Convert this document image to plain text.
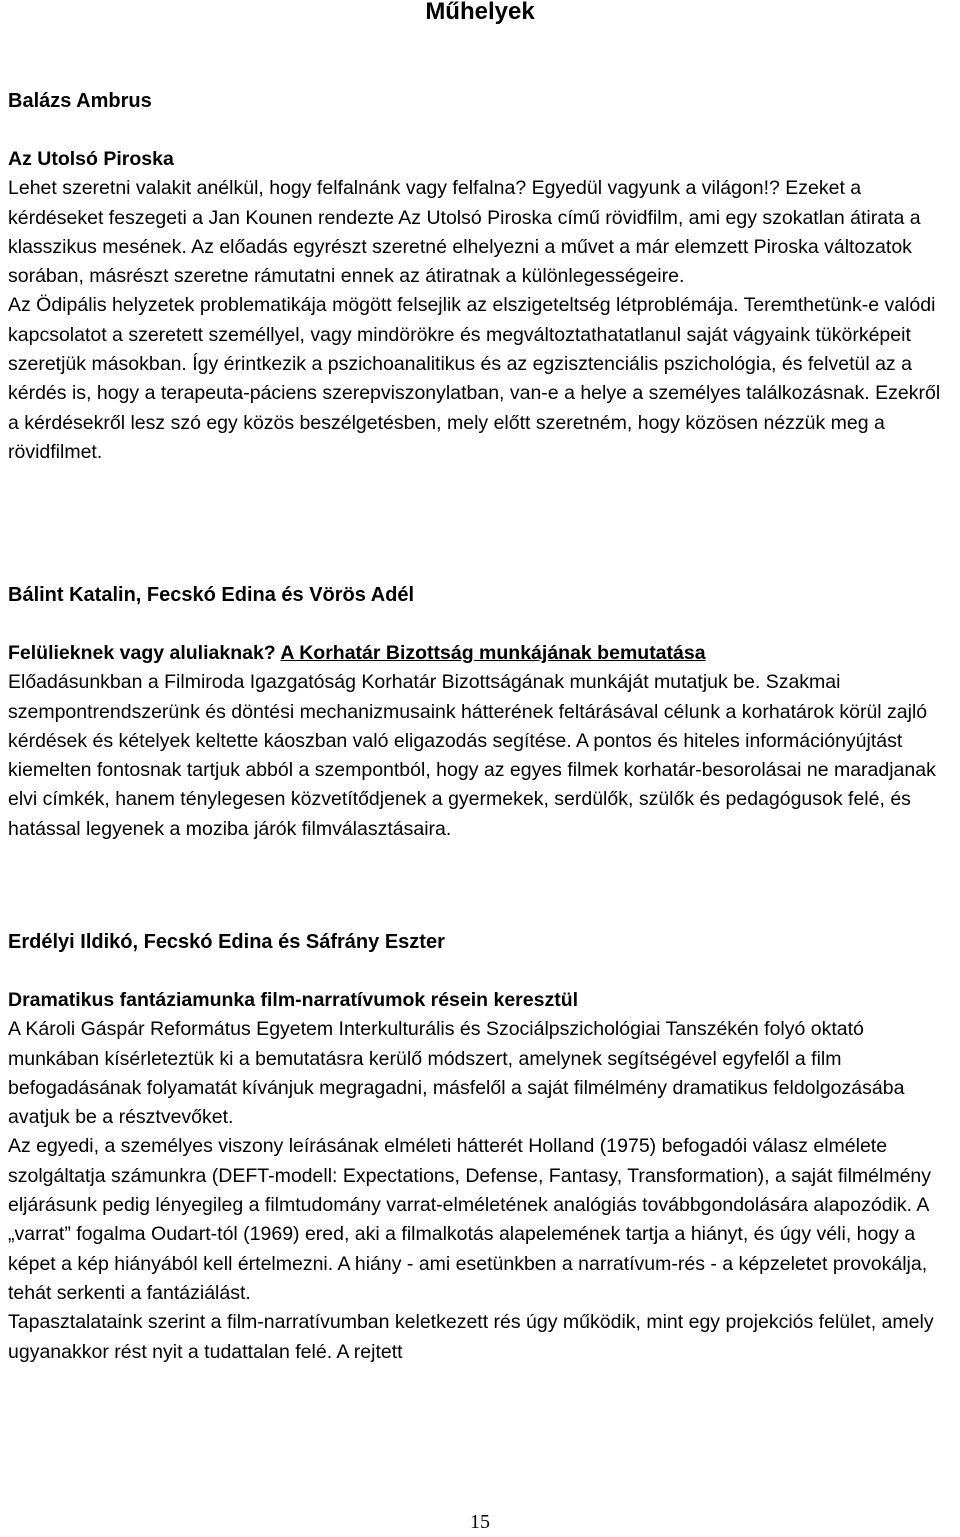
Műhelyek
Balázs Ambrus

Az Utolsó Piroska

Lehet szeretni valakit anélkül, hogy felfalnánk vagy felfalna? Egyedül vagyunk a világon!? Ezeket a kérdéseket feszegeti a Jan Kounen rendezte Az Utolsó Piroska című rövidfilm, ami egy szokatlan átirata a klasszikus mesének. Az előadás egyrészt szeretné elhelyezni a művet a már elemzett Piroska változatok sorában, másrészt szeretne rámutatni ennek az átiratnak a különlegességeire.

Az Ödipális helyzetek problematikája mögött felsejlik az elszigeteltség létproblémája. Teremthetünk-e valódi kapcsolatot a szeretett személlyel, vagy mindörökre és megváltoztathatatlanul saját vágyaink tükörképeit szeretjük másokban. Így érintkezik a pszichoanalitikus és az egzisztenciális pszichológia, és felvetül az a kérdés is, hogy a terapeuta-páciens szerepviszonylatban, van-e a helye a személyes találkozásnak. Ezekről a kérdésekről lesz szó egy közös beszélgetésben, mely előtt szeretném, hogy közösen nézzük meg a rövidfilmet.

Bálint Katalin, Fecskó Edina és Vörös Adél

Felülieknek vagy aluliaknak? A Korhatár Bizottság munkájának bemutatása

Előadásunkban a Filmiroda Igazgatóság Korhatár Bizottságának munkáját mutatjuk be. Szakmai szempontrendszerünk és döntési mechanizmusaink hátterének feltárásával célunk a korhatárok körül zajló kérdések és kételyek keltette káoszban való eligazodás segítése. A pontos és hiteles információnyújtást kiemelten fontosnak tartjuk abból a szempontból, hogy az egyes filmek korhatár-besorolásai ne maradjanak elvi címkék, hanem ténylegesen közvetítődjenek a gyermekek, serdülők, szülők és pedagógusok felé, és hatással legyenek a moziba járók filmválasztásaira.

Erdélyi Ildikó, Fecskó Edina és Sáfrány Eszter

Dramatikus fantáziamunka film-narratívumok résein keresztül

A Károli Gáspár Református Egyetem Interkulturális és Szociálpszichológiai Tanszékén folyó oktató munkában kísérleteztük ki a bemutatásra kerülő módszert, amelynek segítségével egyfelől a film befogadásának folyamatát kívánjuk megragadni, másfelől a saját filmélmény dramatikus feldolgozásába avatjuk be a résztvevőket.

Az egyedi, a személyes viszony leírásának elméleti hátterét Holland (1975) befogadói válasz elmélete szolgáltatja számunkra (DEFT-modell: Expectations, Defense, Fantasy, Transformation), a saját filmélmény eljárásunk pedig lényegileg a filmtudomány varrat-elméletének analógiás továbbgondolására alapozódik. A „varrat” fogalma Oudart-tól (1969) ered, aki a filmalkotás alapelemének tartja a hiányt, és úgy véli, hogy a képet a kép hiányából kell értelmezni. A hiány - ami esetünkben a narratívum-rés - a képzeletet provokálja, tehát serkenti a fantáziálást.

Tapasztalataink szerint a film-narratívumban keletkezett rés úgy működik, mint egy projekciós felület, amely ugyanakkor rést nyit a tudattalan felé. A rejtett

15
